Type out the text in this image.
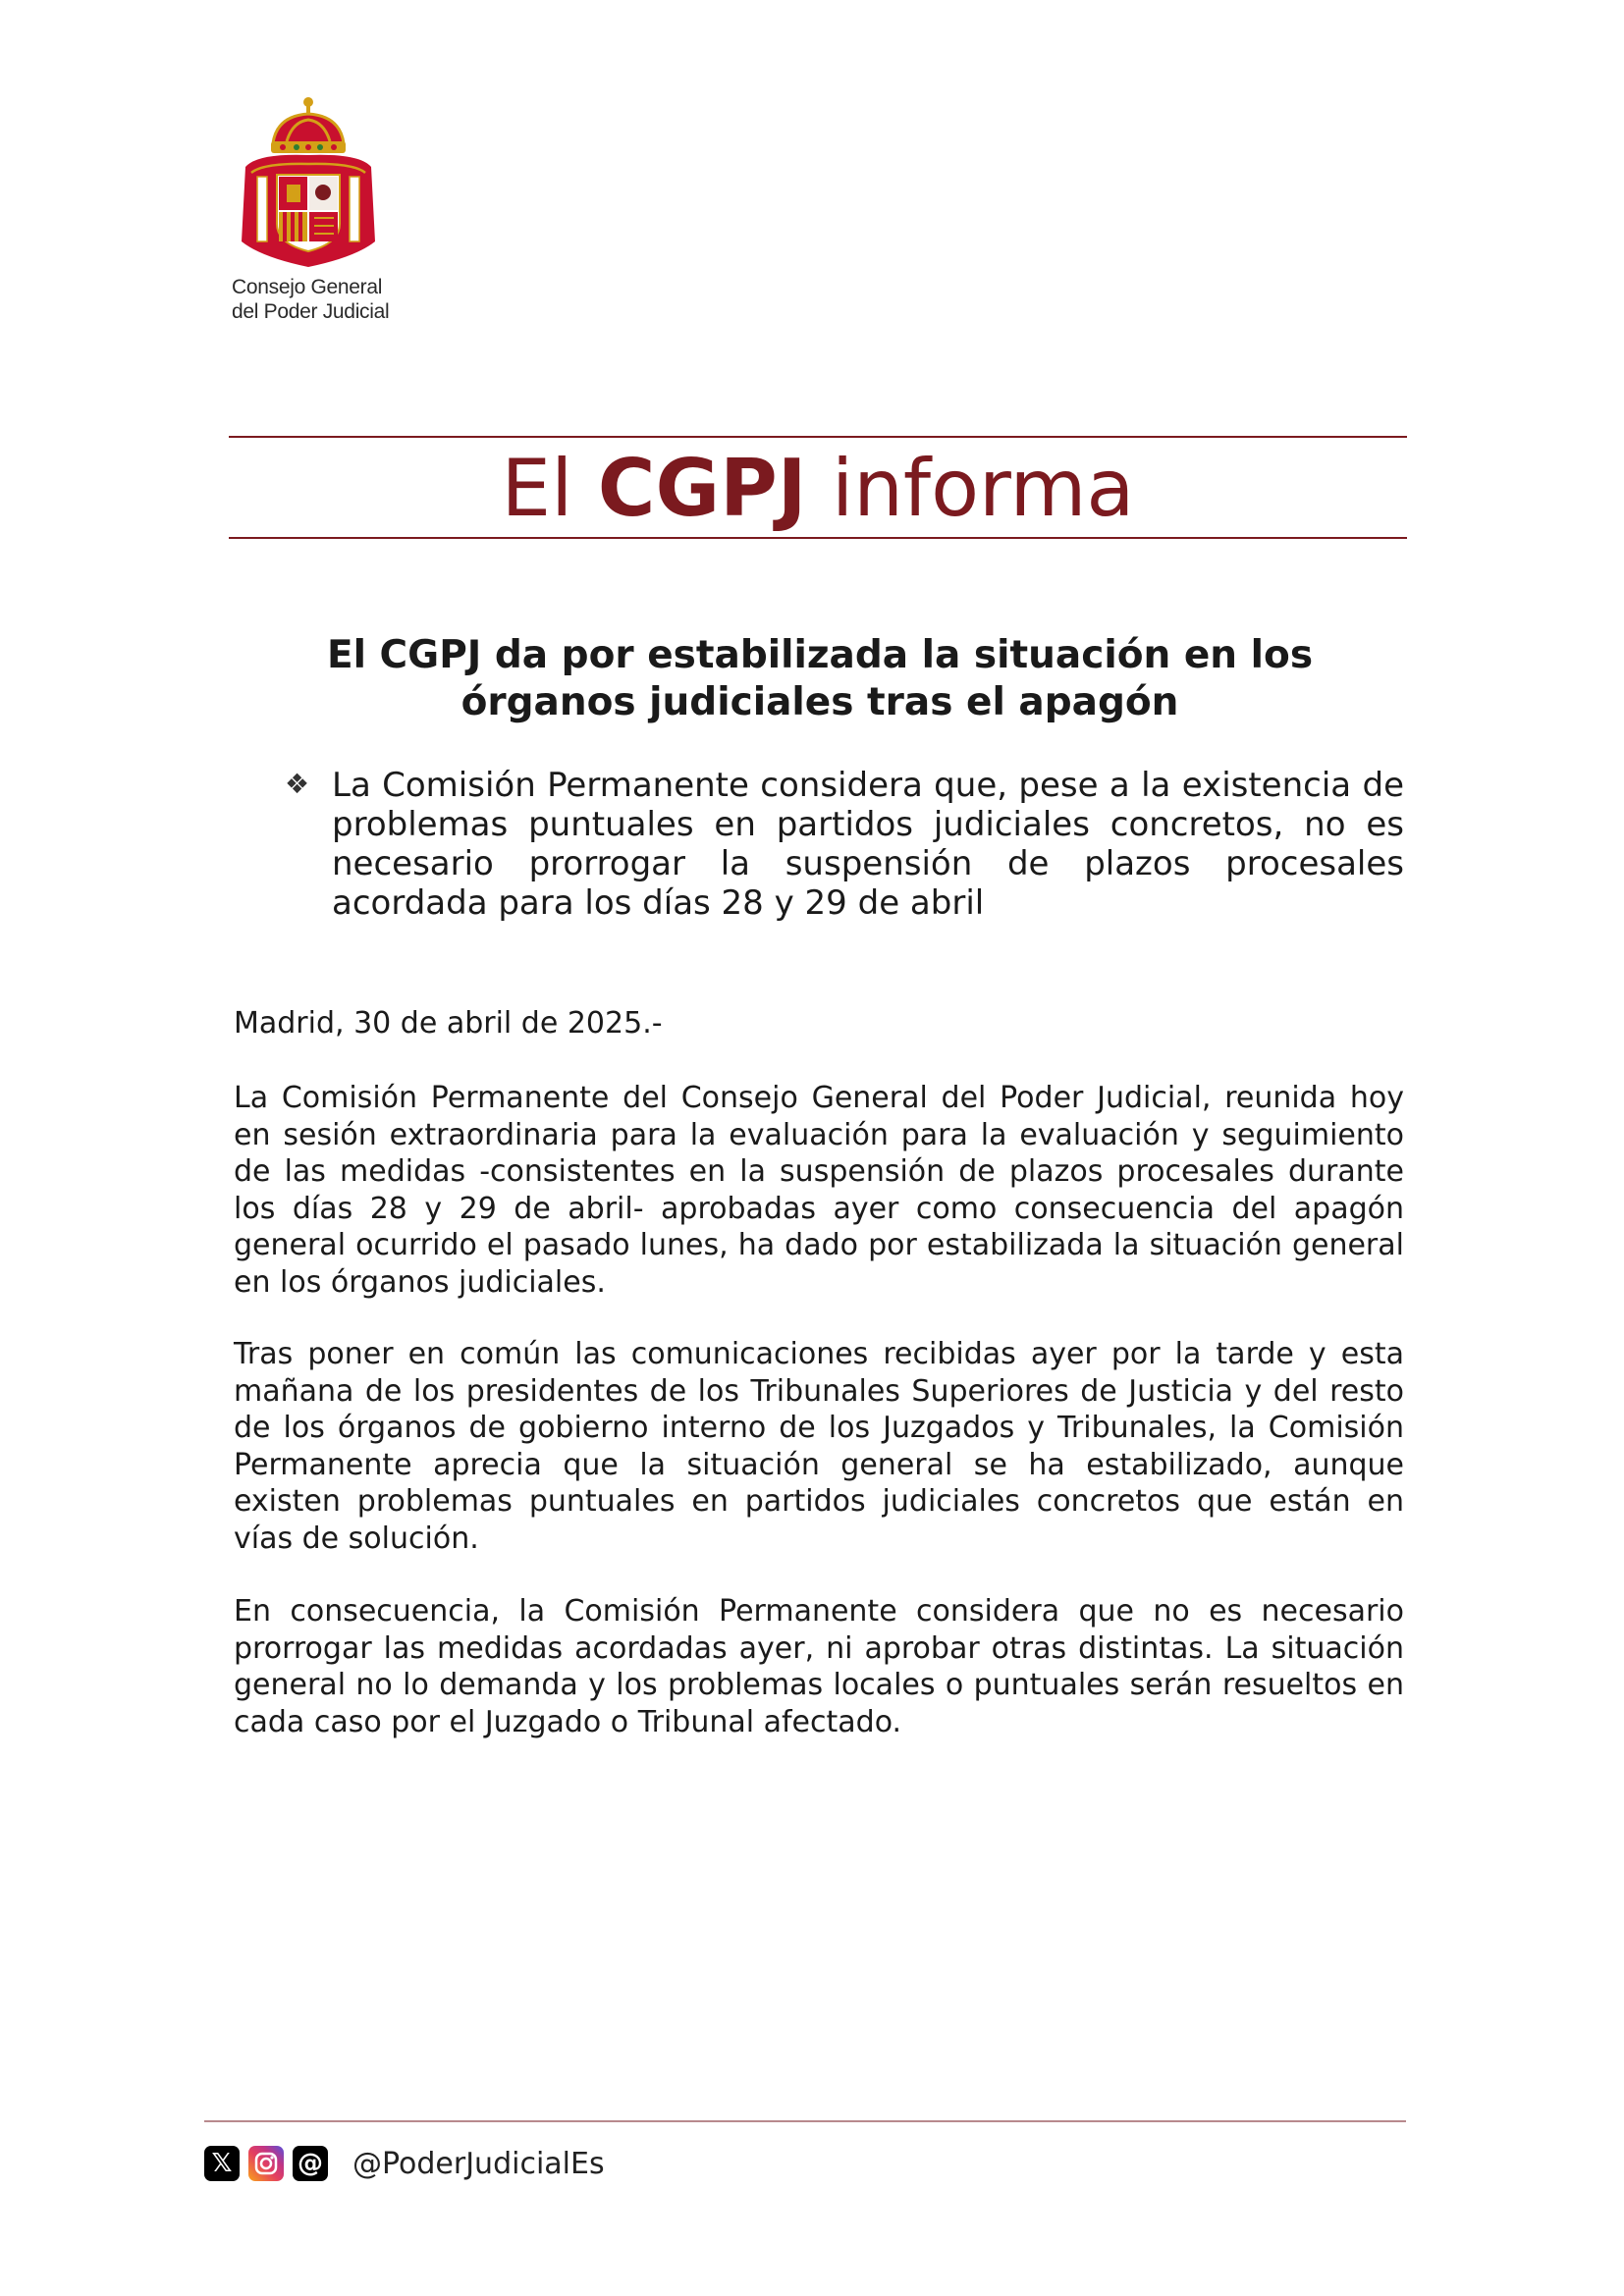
Consejo General
del Poder Judicial
El CGPJ informa
El CGPJ da por estabilizada la situación en los órganos judiciales tras el apagón
❖ La Comisión Permanente considera que, pese a la existencia de problemas puntuales en partidos judiciales concretos, no es necesario prorrogar la suspensión de plazos procesales acordada para los días 28 y 29 de abril
Madrid, 30 de abril de 2025.-

La Comisión Permanente del Consejo General del Poder Judicial, reunida hoy en sesión extraordinaria para la evaluación para la evaluación y seguimiento de las medidas -consistentes en la suspensión de plazos procesales durante los días 28 y 29 de abril- aprobadas ayer como consecuencia del apagón general ocurrido el pasado lunes, ha dado por estabilizada la situación general en los órganos judiciales.

Tras poner en común las comunicaciones recibidas ayer por la tarde y esta mañana de los presidentes de los Tribunales Superiores de Justicia y del resto de los órganos de gobierno interno de los Juzgados y Tribunales, la Comisión Permanente aprecia que la situación general se ha estabilizado, aunque existen problemas puntuales en partidos judiciales concretos que están en vías de solución.

En consecuencia, la Comisión Permanente considera que no es necesario prorrogar las medidas acordadas ayer, ni aprobar otras distintas. La situación general no lo demanda y los problemas locales o puntuales serán resueltos en cada caso por el Juzgado o Tribunal afectado.

𝕏	@ @PoderJudicialEs
